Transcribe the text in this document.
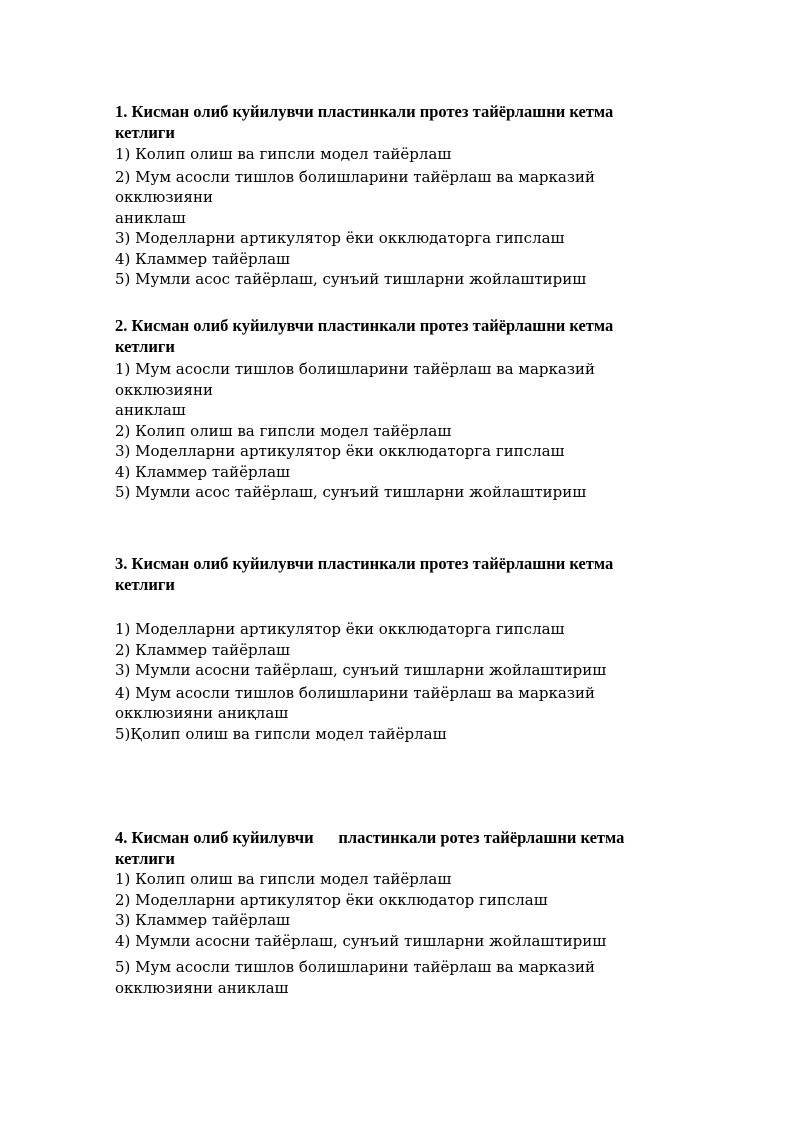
1. Кисман олиб куйилувчи пластинкали протез тайёрлашни кетма
кетлиги
1) Колип олиш ва гипсли модел тайёрлаш
2) Мум асосли тишлов болишларини тайёрлаш ва марказий
окклюзияни
аниклаш
3) Моделларни артикулятор ёки окклюдаторга гипслаш
4) Кламмер тайёрлаш
5) Мумли асос тайёрлаш, сунъий тишларни жойлаштириш
2. Кисман олиб куйилувчи пластинкали протез тайёрлашни кетма
кетлиги
1) Мум асосли тишлов болишларини тайёрлаш ва марказий
окклюзияни
аниклаш
2) Колип олиш ва гипсли модел тайёрлаш
3) Моделларни артикулятор ёки окклюдаторга гипслаш
4) Кламмер тайёрлаш
5) Мумли асос тайёрлаш, сунъий тишларни жойлаштириш
3. Кисман олиб куйилувчи пластинкали протез тайёрлашни кетма
кетлиги
1) Моделларни артикулятор ёки окклюдаторга гипслаш
2) Кламмер тайёрлаш
3) Мумли асосни тайёрлаш, сунъий тишларни жойлаштириш
4) Мум асосли тишлов болишларини тайёрлаш ва марказий
окклюзияни аниқлаш
5)Қолип олиш ва гипсли модел тайёрлаш
4. Кисман олиб куйилувчи      пластинкали ротез тайёрлашни кетма
кетлиги
1) Колип олиш ва гипсли модел тайёрлаш
2) Моделларни артикулятор ёки окклюдатор гипслаш
3) Кламмер тайёрлаш
4) Мумли асосни тайёрлаш, сунъий тишларни жойлаштириш
5) Мум асосли тишлов болишларини тайёрлаш ва марказий
окклюзияни аниклаш
